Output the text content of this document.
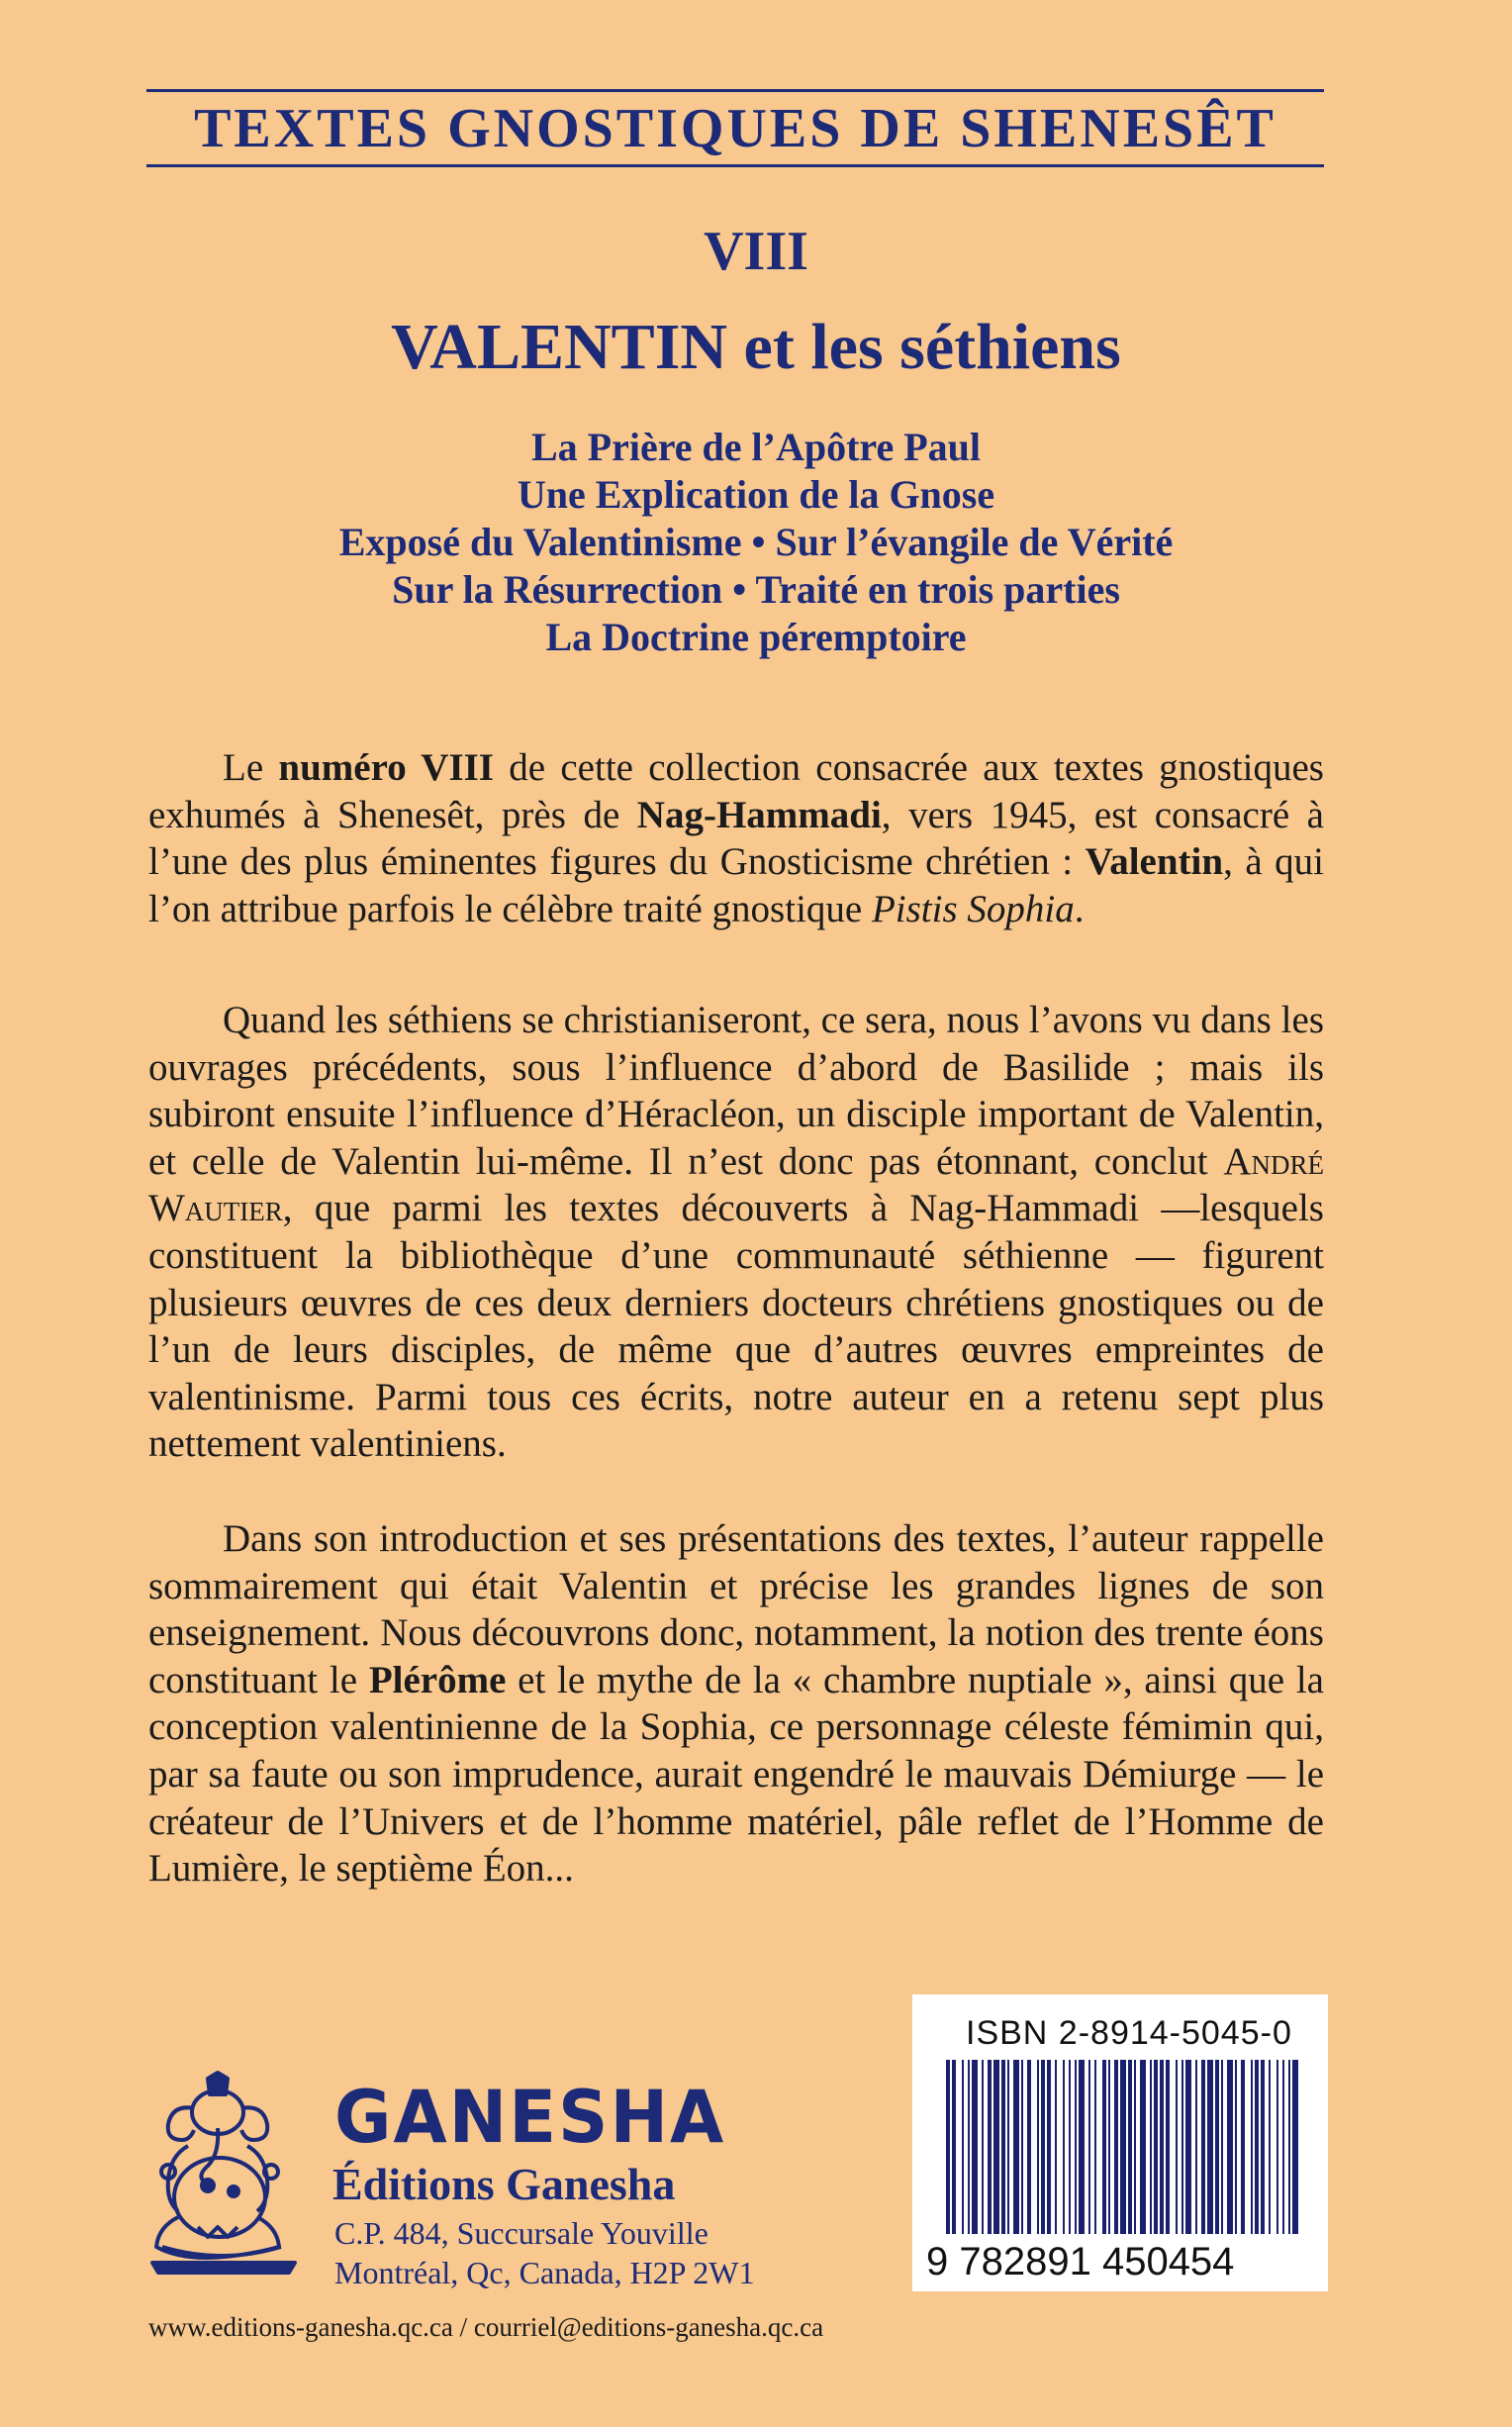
TEXTES GNOSTIQUES DE SHENESÊT
VIII
VALENTIN et les séthiens
La Prière de l’Apôtre Paul
Une Explication de la Gnose
Exposé du Valentinisme • Sur l’évangile de Vérité
Sur la Résurrection • Traité en trois parties
La Doctrine péremptoire

Le numéro VIII de cette collection consacrée aux textes gnostiques exhumés à Shenesêt, près de Nag-Hammadi, vers 1945, est consacré à l’une des plus éminentes figures du Gnosticisme chrétien : Valentin, à qui l’on attribue parfois le célèbre traité gnostique Pistis Sophia.

Quand les séthiens se christianiseront, ce sera, nous l’avons vu dans les ouvrages précédents, sous l’influence d’abord de Basilide ; mais ils subiront ensuite l’influence d’Héracléon, un disciple important de Valentin, et celle de Valentin lui-même. Il n’est donc pas étonnant, conclut André Wautier, que parmi les textes découverts à Nag-Hammadi —lesquels constituent la bibliothèque d’une communauté séthienne — figurent plusieurs œuvres de ces deux derniers docteurs chrétiens gnostiques ou de l’un de leurs disciples, de même que d’autres œuvres empreintes de valentinisme. Parmi tous ces écrits, notre auteur en a retenu sept plus nettement valentiniens.

Dans son introduction et ses présentations des textes, l’auteur rappelle sommairement qui était Valentin et précise les grandes lignes de son enseignement. Nous découvrons donc, notamment, la notion des trente éons constituant le Plérôme et le mythe de la « chambre nuptiale », ainsi que la conception valentinienne de la Sophia, ce personnage céleste fémimin qui, par sa faute ou son imprudence, aurait engendré le mauvais Démiurge — le créateur de l’Univers et de l’homme matériel, pâle reflet de l’Homme de Lumière, le septième Éon...

ISBN 2-8914-5045-0
9 782891 450454
GANESHA
Éditions Ganesha
C.P. 484, Succursale Youville
Montréal, Qc, Canada, H2P 2W1
www.editions-ganesha.qc.ca / courriel@editions-ganesha.qc.ca
